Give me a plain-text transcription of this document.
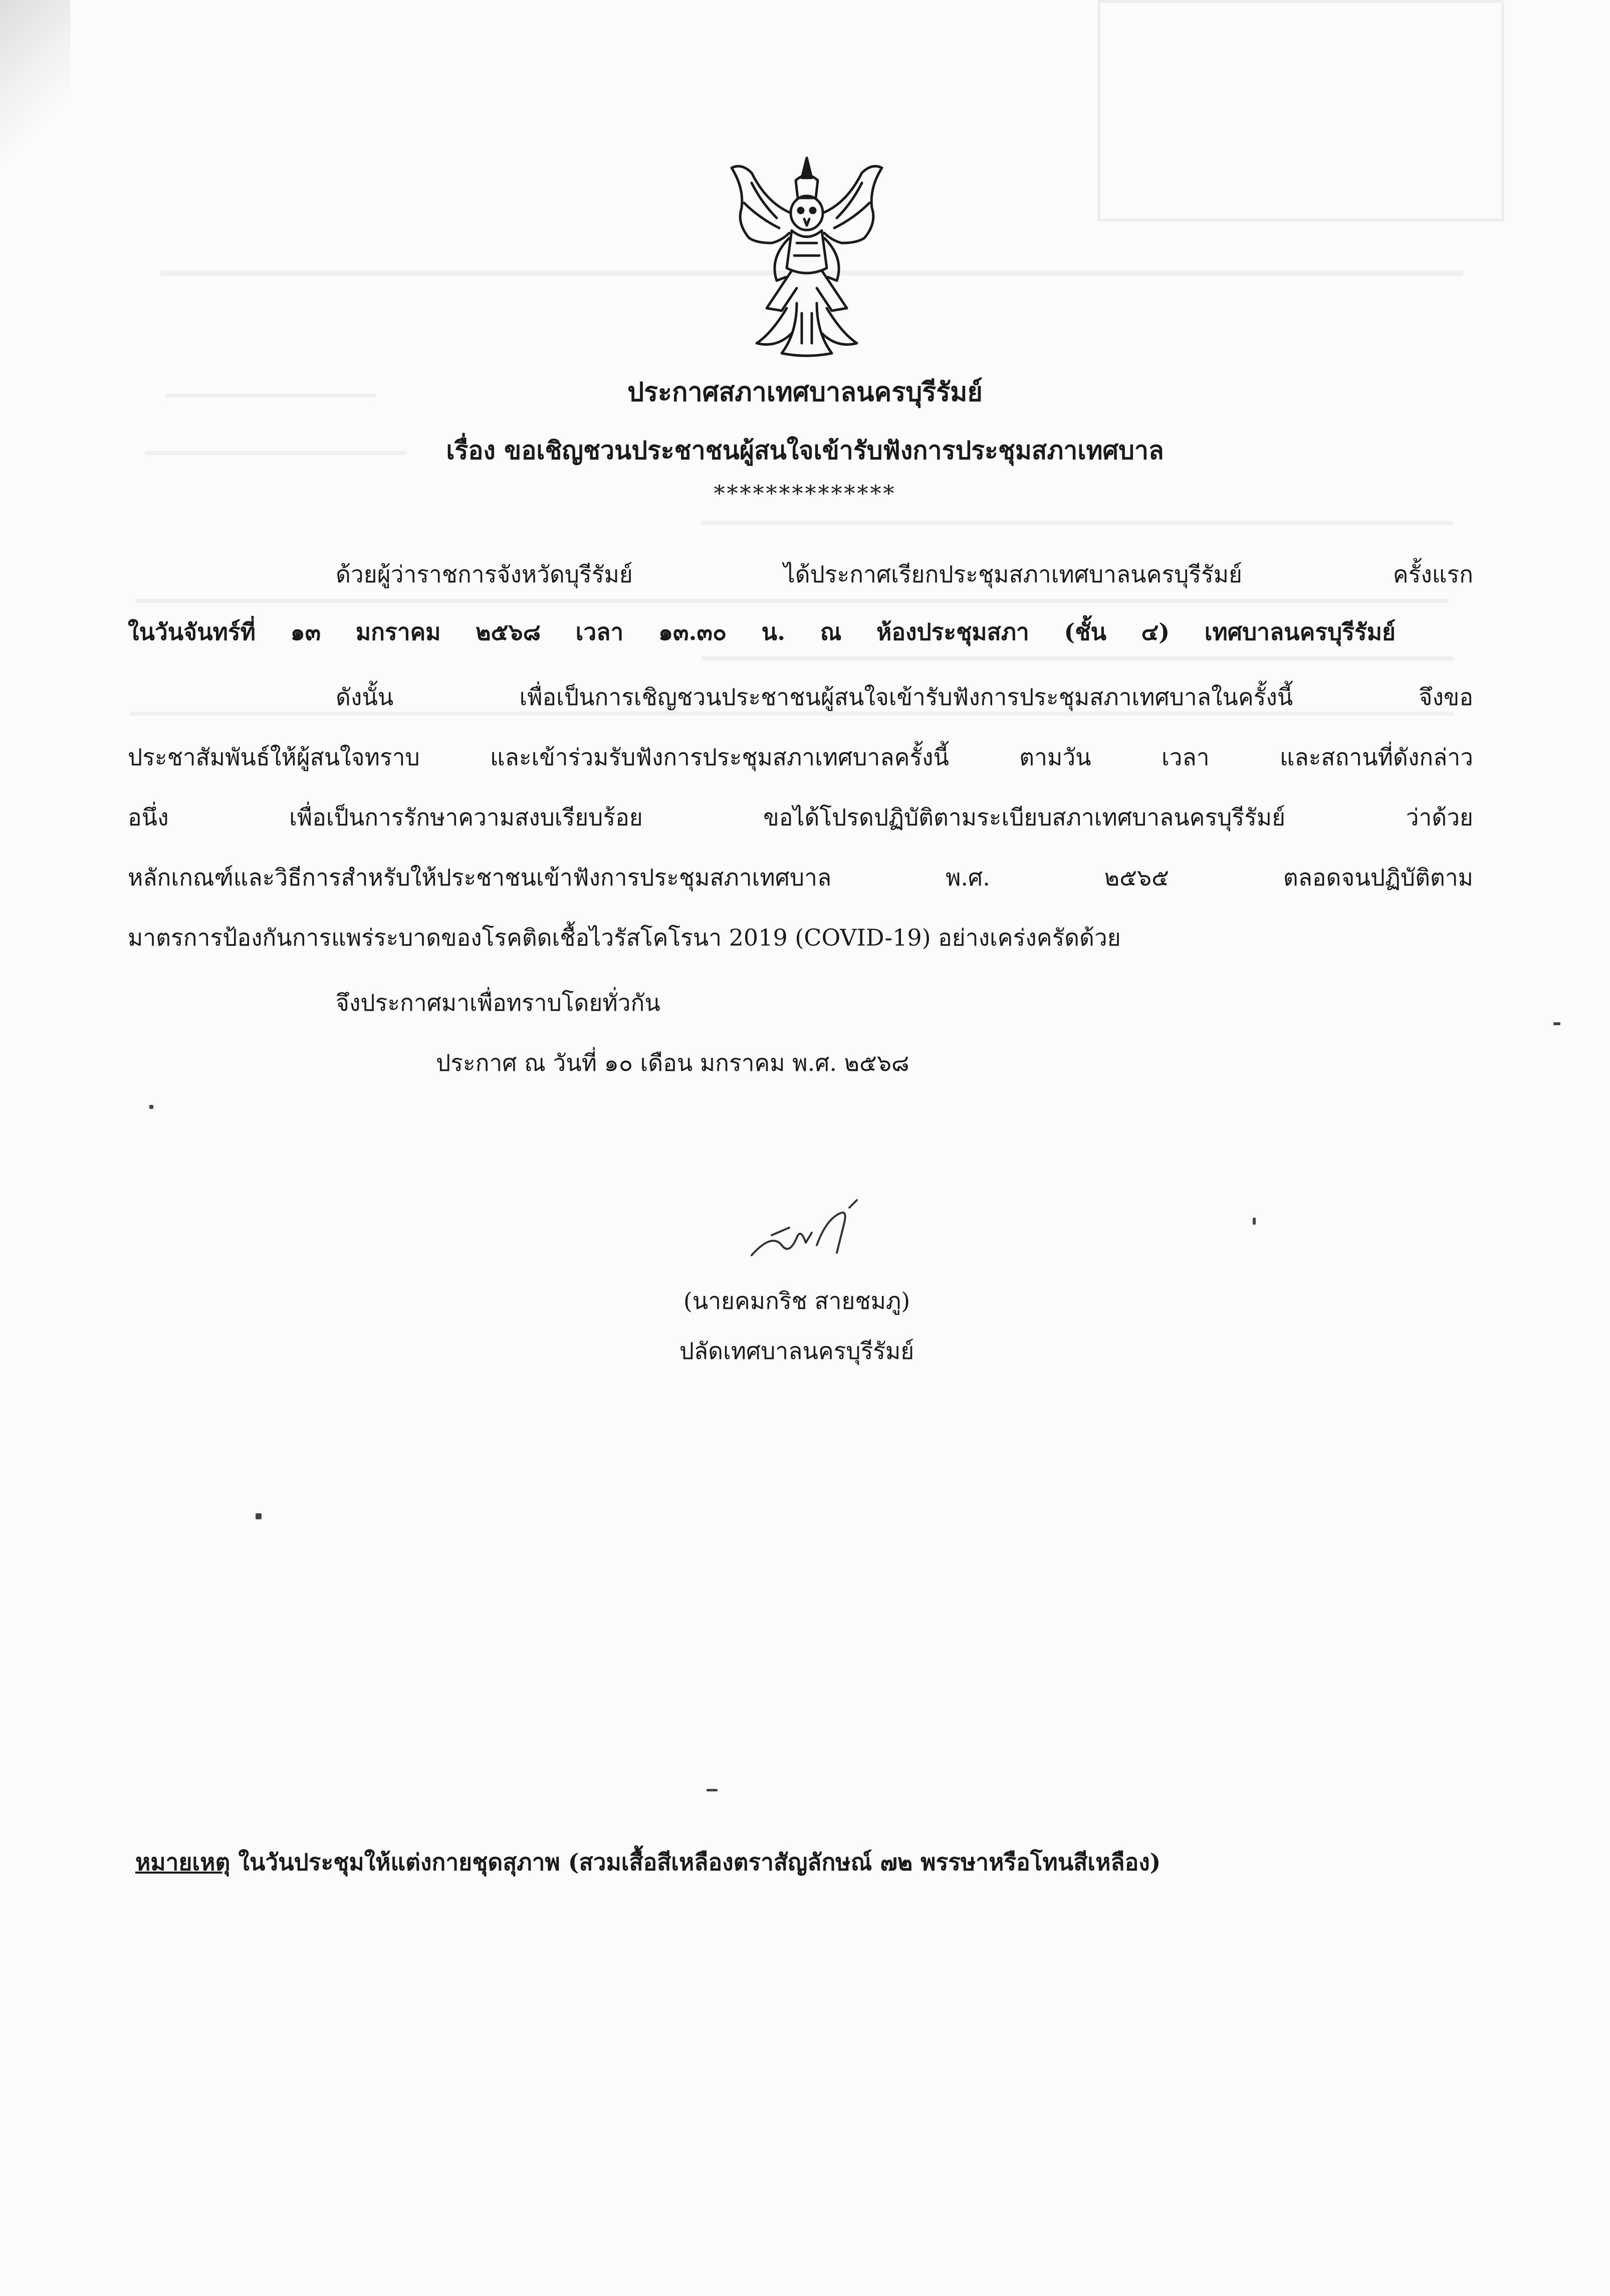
ประกาศสภาเทศบาลนครบุรีรัมย์
เรื่อง ขอเชิญชวนประชาชนผู้สนใจเข้ารับฟังการประชุมสภาเทศบาล
**************
ด้วยผู้ว่าราชการจังหวัดบุรีรัมย์ ได้ประกาศเรียกประชุมสภาเทศบาลนครบุรีรัมย์ ครั้งแรก
ในวันจันทร์ที่ ๑๓ มกราคม ๒๕๖๘ เวลา ๑๓.๓๐ น. ณ ห้องประชุมสภา (ชั้น ๔) เทศบาลนครบุรีรัมย์
ดังนั้น เพื่อเป็นการเชิญชวนประชาชนผู้สนใจเข้ารับฟังการประชุมสภาเทศบาลในครั้งนี้ จึงขอ
ประชาสัมพันธ์ให้ผู้สนใจทราบ และเข้าร่วมรับฟังการประชุมสภาเทศบาลครั้งนี้ ตามวัน เวลา และสถานที่ดังกล่าว
อนึ่ง เพื่อเป็นการรักษาความสงบเรียบร้อย ขอได้โปรดปฏิบัติตามระเบียบสภาเทศบาลนครบุรีรัมย์ ว่าด้วย
หลักเกณฑ์และวิธีการสำหรับให้ประชาชนเข้าฟังการประชุมสภาเทศบาล พ.ศ. ๒๕๖๕ ตลอดจนปฏิบัติตาม
มาตรการป้องกันการแพร่ระบาดของโรคติดเชื้อไวรัสโคโรนา 2019 (COVID-19) อย่างเคร่งครัดด้วย
จึงประกาศมาเพื่อทราบโดยทั่วกัน
ประกาศ ณ วันที่ ๑๐ เดือน มกราคม พ.ศ. ๒๕๖๘
(นายคมกริช สายชมภู)
ปลัดเทศบาลนครบุรีรัมย์
หมายเหตุ ในวันประชุมให้แต่งกายชุดสุภาพ (สวมเสื้อสีเหลืองตราสัญลักษณ์ ๗๒ พรรษาหรือโทนสีเหลือง)
